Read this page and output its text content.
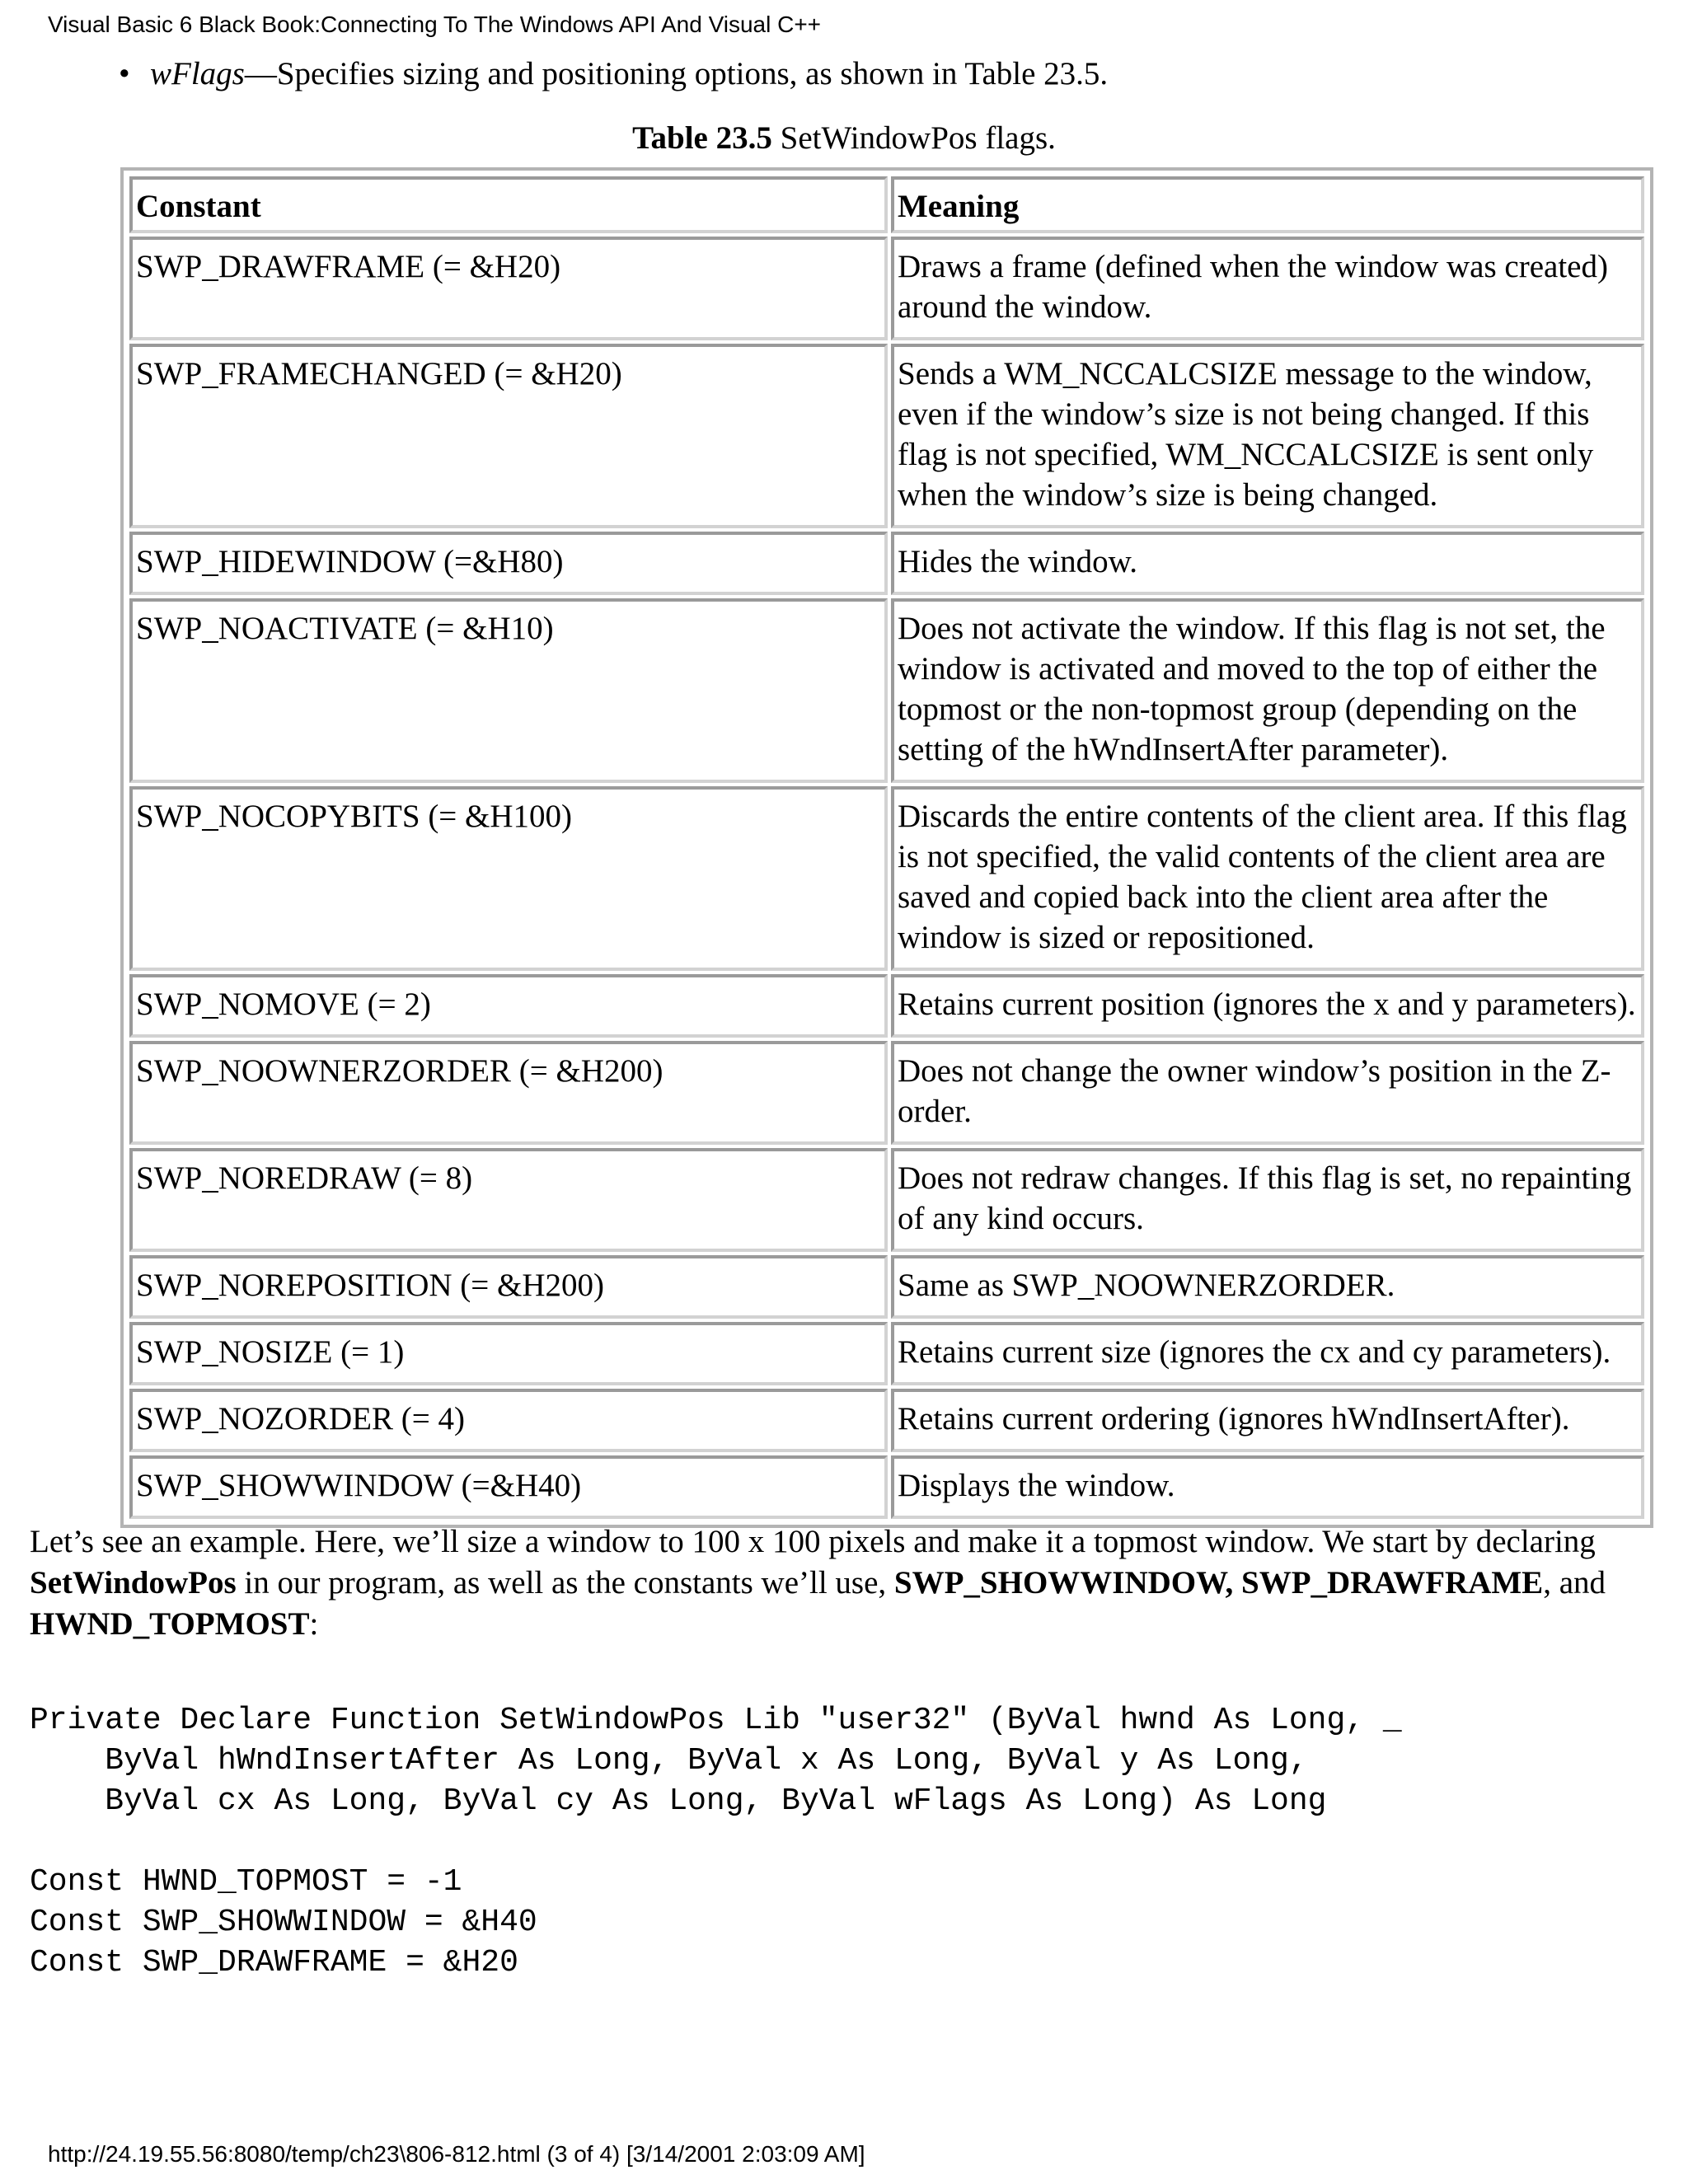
Visual Basic 6 Black Book:Connecting To The Windows API And Visual C++
• wFlags—Specifies sizing and positioning options, as shown in Table 23.5.
Table 23.5 SetWindowPos flags.
Constant	Meaning
SWP_DRAWFRAME (= &H20)	Draws a frame (defined when the window was created) around the window.
SWP_FRAMECHANGED (= &H20)	Sends a WM_NCCALCSIZE message to the window, even if the window’s size is not being changed. If this flag is not specified, WM_NCCALCSIZE is sent only when the window’s size is being changed.
SWP_HIDEWINDOW (=&H80)	Hides the window.
SWP_NOACTIVATE (= &H10)	Does not activate the window. If this flag is not set, the window is activated and moved to the top of either the topmost or the non-topmost group (depending on the setting of the hWndInsertAfter parameter).
SWP_NOCOPYBITS (= &H100)	Discards the entire contents of the client area. If this flag is not specified, the valid contents of the client area are saved and copied back into the client area after the window is sized or repositioned.
SWP_NOMOVE (= 2)	Retains current position (ignores the x and y parameters).
SWP_NOOWNERZORDER (= &H200)	Does not change the owner window’s position in the Z-order.
SWP_NOREDRAW (= 8)	Does not redraw changes. If this flag is set, no repainting of any kind occurs.
SWP_NOREPOSITION (= &H200)	Same as SWP_NOOWNERZORDER.
SWP_NOSIZE (= 1)	Retains current size (ignores the cx and cy parameters).
SWP_NOZORDER (= 4)	Retains current ordering (ignores hWndInsertAfter).
SWP_SHOWWINDOW (=&H40)	Displays the window.
Let’s see an example. Here, we’ll size a window to 100 x 100 pixels and make it a topmost window. We start by declaring SetWindowPos in our program, as well as the constants we’ll use, SWP_SHOWWINDOW, SWP_DRAWFRAME, and HWND_TOPMOST:
Private Declare Function SetWindowPos Lib "user32" (ByVal hwnd As Long, _
ByVal hWndInsertAfter As Long, ByVal x As Long, ByVal y As Long,
ByVal cx As Long, ByVal cy As Long, ByVal wFlags As Long) As Long

Const HWND_TOPMOST = -1
Const SWP_SHOWWINDOW = &H40
Const SWP_DRAWFRAME = &H20
http://24.19.55.56:8080/temp/ch23\806-812.html (3 of 4) [3/14/2001 2:03:09 AM]
